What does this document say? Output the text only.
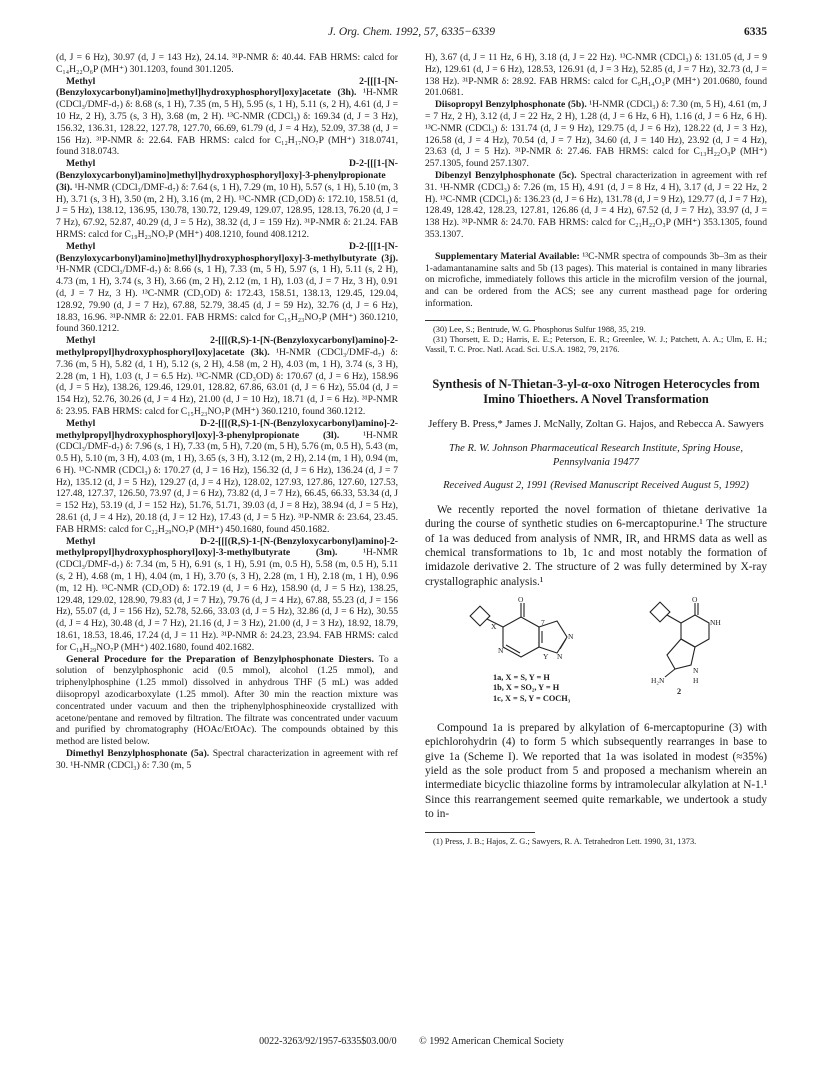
J. Org. Chem. 1992, 57, 6335−6339	6335

(d, J = 6 Hz), 30.97 (d, J = 143 Hz), 24.14. ³¹P-NMR δ: 40.44. FAB HRMS: calcd for C₁₄H₂₂O₆P (MH⁺) 301.1203, found 301.1205.

Methyl 2-[[[1-[N-(Benzyloxycarbonyl)amino]methyl]hydroxyphosphoryl]oxy]acetate (3h). ¹H-NMR (CDCl₃/DMF-d₇) δ: 8.68 (s, 1 H), 7.35 (m, 5 H), 5.95 (s, 1 H), 5.11 (s, 2 H), 4.61 (d, J = 10 Hz, 2 H), 3.75 (s, 3 H), 3.68 (m, 2 H). ¹³C-NMR (CDCl₃) δ: 169.34 (d, J = 3 Hz), 156.32, 136.31, 128.22, 127.78, 127.70, 66.69, 61.79 (d, J = 4 Hz), 52.09, 37.38 (d, J = 156 Hz). ³¹P-NMR δ: 22.64. FAB HRMS: calcd for C₁₂H₁₇NO₇P (MH⁺) 318.0741, found 318.0743.

Methyl D-2-[[[1-[N-(Benzyloxycarbonyl)amino]methyl]hydroxyphosphoryl]oxy]-3-phenylpropionate (3i). ¹H-NMR (CDCl₃/DMF-d₇) δ: 7.64 (s, 1 H), 7.29 (m, 10 H), 5.57 (s, 1 H), 5.10 (m, 3 H), 3.71 (s, 3 H), 3.50 (m, 2 H), 3.16 (m, 2 H). ¹³C-NMR (CD₃OD) δ: 172.10, 158.51 (d, J = 5 Hz), 138.12, 136.95, 130.78, 130.72, 129.49, 129.07, 128.95, 128.13, 76.20 (d, J = 7 Hz), 67.92, 52.87, 40.29 (d, J = 5 Hz), 38.32 (d, J = 159 Hz). ³¹P-NMR δ: 21.24. FAB HRMS: calcd for C₁₉H₂₃NO₇P (MH⁺) 408.1210, found 408.1212.

Methyl D-2-[[[1-[N-(Benzyloxycarbonyl)amino]methyl]hydroxyphosphoryl]oxy]-3-methylbutyrate (3j). ¹H-NMR (CDCl₃/DMF-d₇) δ: 8.66 (s, 1 H), 7.33 (m, 5 H), 5.97 (s, 1 H), 5.11 (s, 2 H), 4.73 (m, 1 H), 3.74 (s, 3 H), 3.66 (m, 2 H), 2.12 (m, 1 H), 1.03 (d, J = 7 Hz, 3 H), 0.91 (d, J = 7 Hz, 3 H). ¹³C-NMR (CD₃OD) δ: 172.43, 158.51, 138.13, 129.45, 129.04, 128.92, 79.90 (d, J = 7 Hz), 67.88, 52.79, 38.45 (d, J = 59 Hz), 32.76 (d, J = 6 Hz), 18.83, 16.96. ³¹P-NMR δ: 22.01. FAB HRMS: calcd for C₁₅H₂₃NO₇P (MH⁺) 360.1210, found 360.1212.

Methyl 2-[[[(R,S)-1-[N-(Benzyloxycarbonyl)amino]-2-methylpropyl]hydroxyphosphoryl]oxy]acetate (3k). ¹H-NMR (CDCl₃/DMF-d₇) δ: 7.36 (m, 5 H), 5.82 (d, 1 H), 5.12 (s, 2 H), 4.58 (m, 2 H), 4.03 (m, 1 H), 3.74 (s, 3 H), 2.28 (m, 1 H), 1.03 (t, J = 6.5 Hz). ¹³C-NMR (CD₃OD) δ: 170.67 (d, J = 6 Hz), 158.96 (d, J = 5 Hz), 138.26, 129.46, 129.01, 128.82, 67.86, 63.01 (d, J = 6 Hz), 55.04 (d, J = 154 Hz), 52.76, 30.26 (d, J = 4 Hz), 21.00 (d, J = 10 Hz), 18.71 (d, J = 6 Hz). ³¹P-NMR δ: 23.95. FAB HRMS: calcd for C₁₅H₂₃NO₇P (MH⁺) 360.1210, found 360.1212.

Methyl D-2-[[[(R,S)-1-[N-(Benzyloxycarbonyl)amino]-2-methylpropyl]hydroxyphosphoryl]oxy]-3-phenylpropionate (3l). ¹H-NMR (CDCl₃/DMF-d₇) δ: 7.96 (s, 1 H), 7.33 (m, 5 H), 7.20 (m, 5 H), 5.76 (m, 0.5 H), 5.43 (m, 0.5 H), 5.10 (m, 3 H), 4.03 (m, 1 H), 3.65 (s, 3 H), 3.12 (m, 2 H), 2.14 (m, 1 H), 0.94 (m, 6 H). ¹³C-NMR (CDCl₃) δ: 170.27 (d, J = 16 Hz), 156.32 (d, J = 6 Hz), 136.24 (d, J = 7 Hz), 135.12 (d, J = 5 Hz), 129.27 (d, J = 4 Hz), 128.02, 127.93, 127.86, 127.60, 127.53, 127.48, 127.37, 126.50, 73.97 (d, J = 6 Hz), 73.82 (d, J = 7 Hz), 66.45, 66.33, 53.34 (d, J = 152 Hz), 53.19 (d, J = 152 Hz), 51.76, 51.71, 39.03 (d, J = 8 Hz), 38.94 (d, J = 5 Hz), 28.61 (d, J = 4 Hz), 20.18 (d, J = 12 Hz), 17.43 (d, J = 5 Hz). ³¹P-NMR δ: 23.64, 23.45. FAB HRMS: calcd for C₂₂H₂₉NO₇P (MH⁺) 450.1680, found 450.1682.

Methyl D-2-[[[(R,S)-1-[N-(Benzyloxycarbonyl)amino]-2-methylpropyl]hydroxyphosphoryl]oxy]-3-methylbutyrate (3m). ¹H-NMR (CDCl₃/DMF-d₇) δ: 7.34 (m, 5 H), 6.91 (s, 1 H), 5.91 (m, 0.5 H), 5.58 (m, 0.5 H), 5.11 (s, 2 H), 4.68 (m, 1 H), 4.04 (m, 1 H), 3.70 (s, 3 H), 2.28 (m, 1 H), 2.18 (m, 1 H), 0.96 (m, 12 H). ¹³C-NMR (CD₃OD) δ: 172.19 (d, J = 6 Hz), 158.90 (d, J = 5 Hz), 138.25, 129.48, 129.02, 128.90, 79.83 (d, J = 7 Hz), 79.76 (d, J = 4 Hz), 67.88, 55.23 (d, J = 156 Hz), 55.07 (d, J = 156 Hz), 52.78, 52.66, 33.03 (d, J = 5 Hz), 32.86 (d, J = 6 Hz), 30.55 (d, J = 4 Hz), 30.48 (d, J = 7 Hz), 21.16 (d, J = 3 Hz), 21.00 (d, J = 3 Hz), 18.92, 18.79, 18.61, 18.53, 18.46, 17.24 (d, J = 11 Hz). ³¹P-NMR δ: 24.23, 23.94. FAB HRMS: calcd for C₁₈H₂₉NO₇P (MH⁺) 402.1680, found 402.1682.

General Procedure for the Preparation of Benzylphosphonate Diesters. To a solution of benzylphosphonic acid (0.5 mmol), alcohol (1.25 mmol), and triphenylphosphine (1.25 mmol) dissolved in anhydrous THF (5 mL) was added diisopropyl azodicarboxylate (1.25 mmol). After 30 min the reaction mixture was concentrated under vacuum and then the triphenylphosphineoxide crystallized with acetone/pentane and removed by filtration. The filtrate was concentrated under vacuum and purified by chromatography (HOAc/EtOAc). The compounds obtained by this method are listed below.

Dimethyl Benzylphosphonate (5a). Spectral characterization in agreement with ref 30. ¹H-NMR (CDCl₃) δ: 7.30 (m, 5

H), 3.67 (d, J = 11 Hz, 6 H), 3.18 (d, J = 22 Hz). ¹³C-NMR (CDCl₃) δ: 131.05 (d, J = 9 Hz), 129.61 (d, J = 6 Hz), 128.53, 126.91 (d, J = 3 Hz), 52.85 (d, J = 7 Hz), 32.73 (d, J = 138 Hz). ³¹P-NMR δ: 28.92. FAB HRMS: calcd for C₉H₁₄O₃P (MH⁺) 201.0680, found 201.0681.

Diisopropyl Benzylphosphonate (5b). ¹H-NMR (CDCl₃) δ: 7.30 (m, 5 H), 4.61 (m, J = 7 Hz, 2 H), 3.12 (d, J = 22 Hz, 2 H), 1.28 (d, J = 6 Hz, 6 H), 1.16 (d, J = 6 Hz, 6 H). ¹³C-NMR (CDCl₃) δ: 131.74 (d, J = 9 Hz), 129.75 (d, J = 6 Hz), 128.22 (d, J = 3 Hz), 126.58 (d, J = 4 Hz), 70.54 (d, J = 7 Hz), 34.60 (d, J = 140 Hz), 23.92 (d, J = 4 Hz), 23.63 (d, J = 5 Hz). ³¹P-NMR δ: 27.46. FAB HRMS: calcd for C₁₃H₂₂O₃P (MH⁺) 257.1305, found 257.1307.

Dibenzyl Benzylphosphonate (5c). Spectral characterization in agreement with ref 31. ¹H-NMR (CDCl₃) δ: 7.26 (m, 15 H), 4.91 (d, J = 8 Hz, 4 H), 3.17 (d, J = 22 Hz, 2 H). ¹³C-NMR (CDCl₃) δ: 136.23 (d, J = 6 Hz), 131.78 (d, J = 9 Hz), 129.77 (d, J = 7 Hz), 128.49, 128.42, 128.23, 127.81, 126.86 (d, J = 4 Hz), 67.52 (d, J = 7 Hz), 33.97 (d, J = 138 Hz). ³¹P-NMR δ: 24.70. FAB HRMS: calcd for C₂₁H₂₂O₃P (MH⁺) 353.1305, found 353.1307.

Supplementary Material Available: ¹³C-NMR spectra of compounds 3b–3m as their 1-adamantanamine salts and 5b (13 pages). This material is contained in many libraries on microfiche, immediately follows this article in the microfilm version of the journal, and can be ordered from the ACS; see any current masthead page for ordering information.

(30) Lee, S.; Bentrude, W. G. Phosphorus Sulfur 1988, 35, 219.

(31) Thorsett, E. D.; Harris, E. E.; Peterson, E. R.; Greenlee, W. J.; Patchett, A. A.; Ulm, E. H.; Vassil, T. C. Proc. Natl. Acad. Sci. U.S.A. 1982, 79, 2176.

Synthesis of N-Thietan-3-yl-α-oxo Nitrogen Heterocycles from Imino Thioethers. A Novel Transformation
Jeffery B. Press,* James J. McNally, Zoltan G. Hajos, and Rebecca A. Sawyers
The R. W. Johnson Pharmaceutical Research Institute, Spring House, Pennsylvania 19477
Received August 2, 1991 (Revised Manuscript Received August 5, 1992)

We recently reported the novel formation of thietane derivative 1a during the course of synthetic studies on 6-mercaptopurine.¹ The structure of 1a was deduced from analysis of NMR, IR, and HRMS data as well as chemical transformations to 1b, 1c and most notably the formation of imidazole derivative 2. The structure of 2 was fully determined by X-ray crystallographic analysis.¹

X
O
N
7
N
N
Y
O
NH
H₂N
N
H
1a, X = S, Y = H
1b, X = SO₂, Y = H
1c, X = S, Y = COCH₃
2

Compound 1a is prepared by alkylation of 6-mercaptopurine (3) with epichlorohydrin (4) to form 5 which subsequently rearranges in base to give 1a (Scheme I). We reported that 1a was isolated in modest (≈35%) yield as the sole product from 5 and proposed a mechanism wherein an intermediate bicyclic thiazoline forms by intramolecular alkylation at N-1.¹ Since this rearrangement seemed quite remarkable, we undertook a study to in-

(1) Press, J. B.; Hajos, Z. G.; Sawyers, R. A. Tetrahedron Lett. 1990, 31, 1373.

0022-3263/92/1957-6335$03.00/0 © 1992 American Chemical Society
